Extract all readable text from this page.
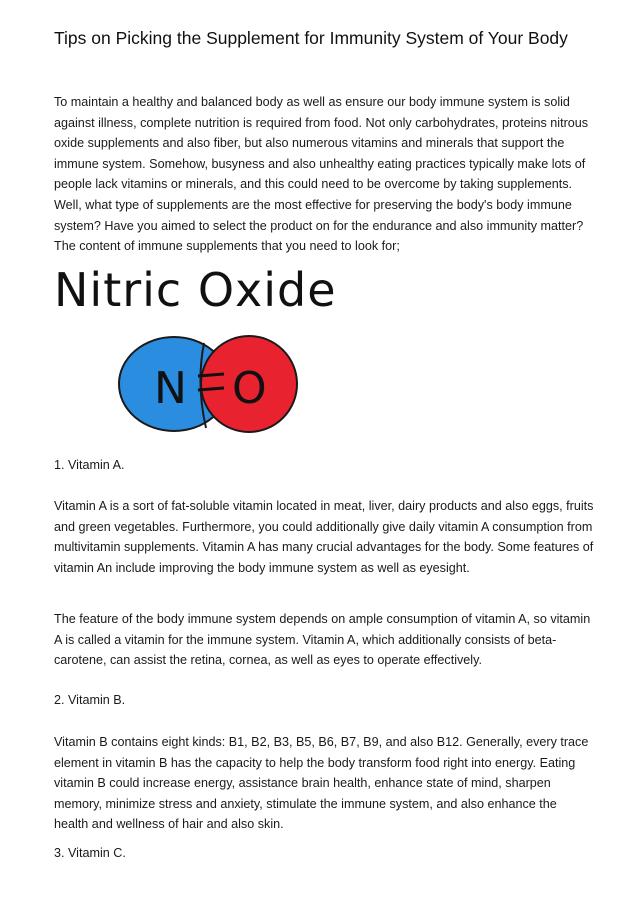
Tips on Picking the Supplement for Immunity System of Your Body

To maintain a healthy and balanced body as well as ensure our body immune system is solid against illness, complete nutrition is required from food. Not only carbohydrates, proteins nitrous oxide supplements and also fiber, but also numerous vitamins and minerals that support the immune system. Somehow, busyness and also unhealthy eating practices typically make lots of people lack vitamins or minerals, and this could need to be overcome by taking supplements. Well, what type of supplements are the most effective for preserving the body's body immune system? Have you aimed to select the product on for the endurance and also immunity matter? The content of immune supplements that you need to look for;

Nitric Oxide
N O

1. Vitamin A.

Vitamin A is a sort of fat-soluble vitamin located in meat, liver, dairy products and also eggs, fruits and green vegetables. Furthermore, you could additionally give daily vitamin A consumption from multivitamin supplements. Vitamin A has many crucial advantages for the body. Some features of vitamin An include improving the body immune system as well as eyesight.

The feature of the body immune system depends on ample consumption of vitamin A, so vitamin A is called a vitamin for the immune system. Vitamin A, which additionally consists of beta-carotene, can assist the retina, cornea, as well as eyes to operate effectively.

2. Vitamin B.

Vitamin B contains eight kinds: B1, B2, B3, B5, B6, B7, B9, and also B12. Generally, every trace element in vitamin B has the capacity to help the body transform food right into energy. Eating vitamin B could increase energy, assistance brain health, enhance state of mind, sharpen memory, minimize stress and anxiety, stimulate the immune system, and also enhance the health and wellness of hair and also skin.

3. Vitamin C.
